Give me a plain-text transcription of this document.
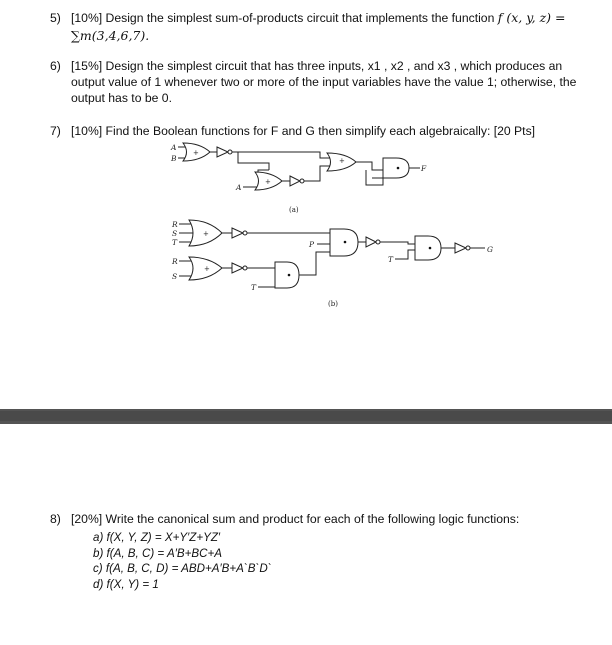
5) [10%] Design the simplest sum-of-products circuit that implements the function f (x, y, z) =
∑m(3,4,6,7).
6) [15%] Design the simplest circuit that has three inputs, x1 , x2 , and x3 , which produces an
output value of 1 whenever two or more of the input variables have the value 1; otherwise, the
output has to be 0.
7) [10%] Find the Boolean functions for F and G then simplify each algebraically: [20 Pts]
A
B
+
A
+
+
F
(a)
R
S
T
+
R
S
+
T
P
T
G
(b)
8) [20%] Write the canonical sum and product for each of the following logic functions:
a) f(X, Y, Z) = X+Y′Z+YZ′
b) f(A, B, C) = A′B+BC+A
c) f(A, B, C, D) = ABD+A′B+A`B`D`
d) f(X, Y) = 1
